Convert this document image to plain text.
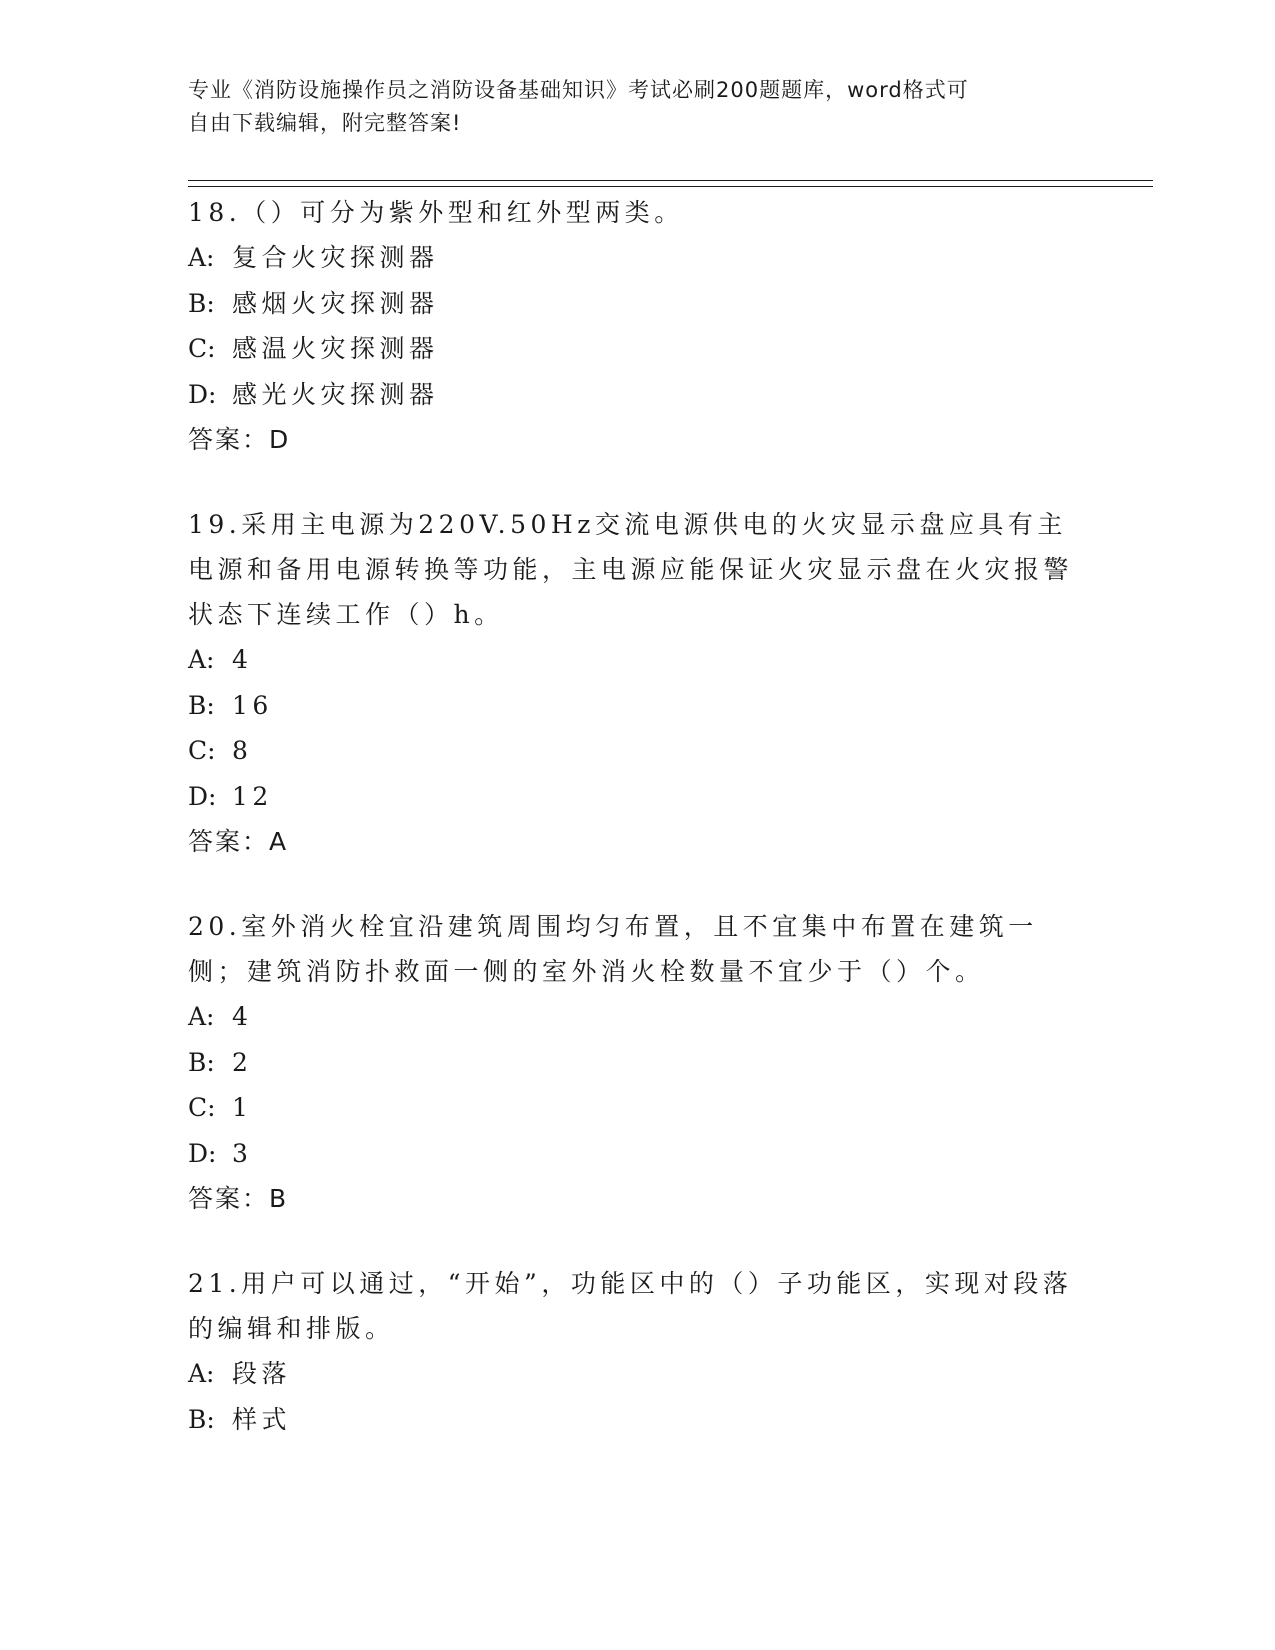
专业《消防设施操作员之消防设备基础知识》考试必刷200题题库，word格式可
自由下载编辑，附完整答案!

18.（）可分为紫外型和红外型两类。

A: 复合火灾探测器

B: 感烟火灾探测器

C: 感温火灾探测器

D: 感光火灾探测器

答案：D

19.采用主电源为220V.50Hz交流电源供电的火灾显示盘应具有主电源和备用电源转换等功能，主电源应能保证火灾显示盘在火灾报警状态下连续工作（）h。

A: 4

B: 16

C: 8

D: 12

答案：A

20.室外消火栓宜沿建筑周围均匀布置，且不宜集中布置在建筑一侧；建筑消防扑救面一侧的室外消火栓数量不宜少于（）个。

A: 4

B: 2

C: 1

D: 3

答案：B

21.用户可以通过，“开始”，功能区中的（）子功能区，实现对段落的编辑和排版。

A: 段落

B: 样式
